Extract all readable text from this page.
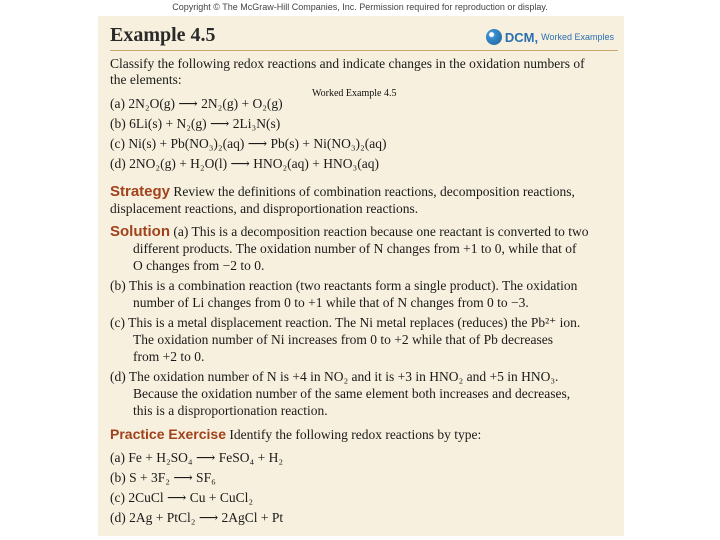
Copyright © The McGraw-Hill Companies, Inc. Permission required for reproduction or display.
Example 4.5	DCM, Worked Examples
Classify the following redox reactions and indicate changes in the oxidation numbers of
the elements:
(a) 2N₂O(g) ⟶ 2N₂(g) + O₂(g)
(b) 6Li(s) + N₂(g) ⟶ 2Li₃N(s)
(c) Ni(s) + Pb(NO₃)₂(aq) ⟶ Pb(s) + Ni(NO₃)₂(aq)
(d) 2NO₂(g) + H₂O(l) ⟶ HNO₂(aq) + HNO₃(aq)
Strategy Review the definitions of combination reactions, decomposition reactions,
displacement reactions, and disproportionation reactions.
Solution (a) This is a decomposition reaction because one reactant is converted to two
different products. The oxidation number of N changes from +1 to 0, while that of
O changes from −2 to 0.
(b) This is a combination reaction (two reactants form a single product). The oxidation
number of Li changes from 0 to +1 while that of N changes from 0 to −3.
(c) This is a metal displacement reaction. The Ni metal replaces (reduces) the Pb²⁺ ion.
The oxidation number of Ni increases from 0 to +2 while that of Pb decreases
from +2 to 0.
(d) The oxidation number of N is +4 in NO₂ and it is +3 in HNO₂ and +5 in HNO₃.
Because the oxidation number of the same element both increases and decreases,
this is a disproportionation reaction.
Practice Exercise Identify the following redox reactions by type:
(a) Fe + H₂SO₄ ⟶ FeSO₄ + H₂
(b) S + 3F₂ ⟶ SF₆
(c) 2CuCl ⟶ Cu + CuCl₂
(d) 2Ag + PtCl₂ ⟶ 2AgCl + Pt
Worked Example 4.5
